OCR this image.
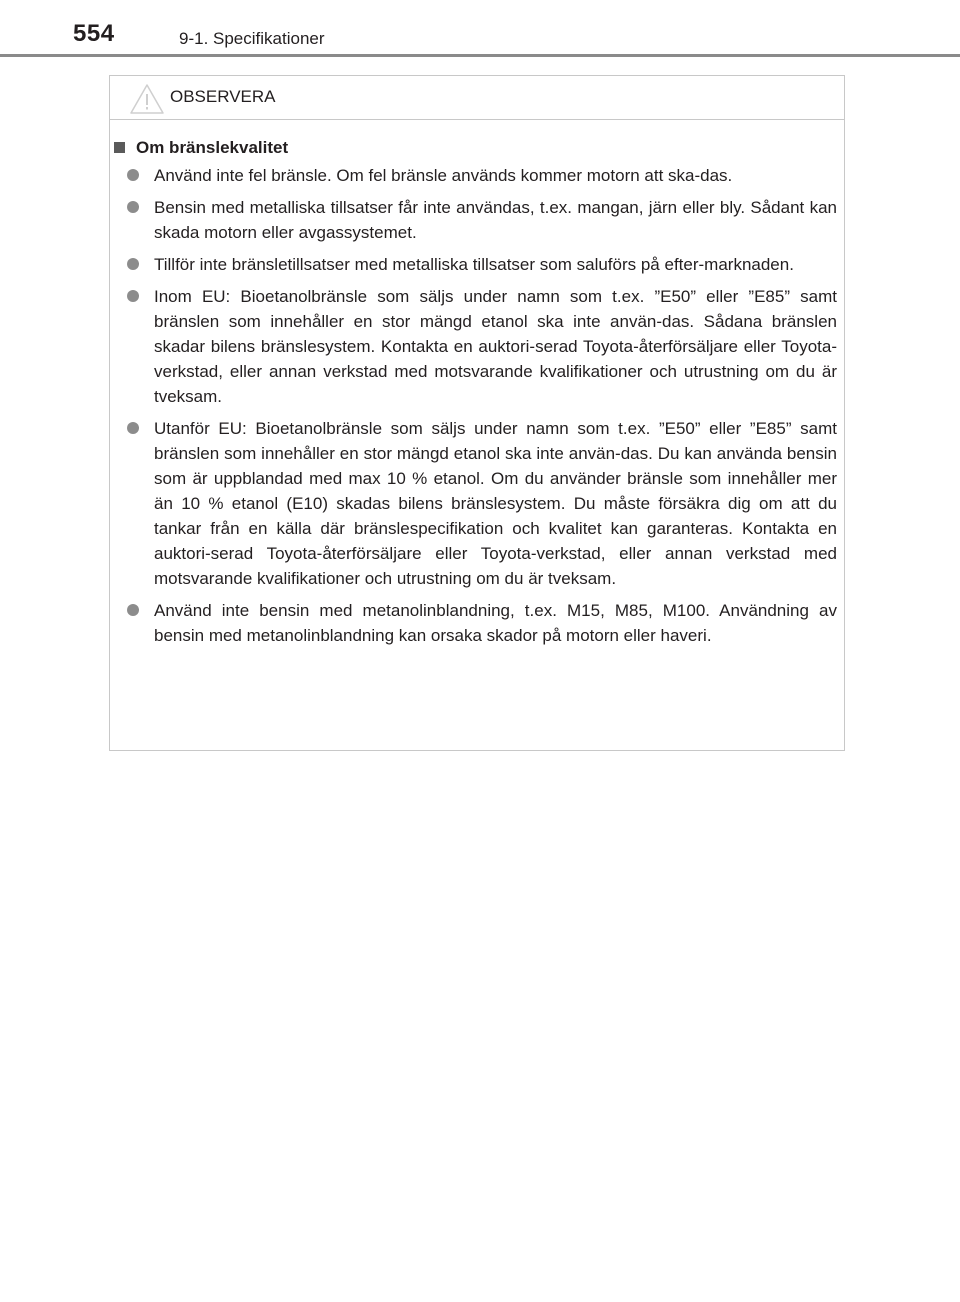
554	9-1. Specifikationer
OBSERVERA
Om bränslekvalitet
Använd inte fel bränsle. Om fel bränsle används kommer motorn att ska-das.
Bensin med metalliska tillsatser får inte användas, t.ex. mangan, järn eller bly. Sådant kan skada motorn eller avgassystemet.
Tillför inte bränsletillsatser med metalliska tillsatser som saluförs på efter-marknaden.
Inom EU: Bioetanolbränsle som säljs under namn som t.ex. ”E50” eller ”E85” samt bränslen som innehåller en stor mängd etanol ska inte använ-das. Sådana bränslen skadar bilens bränslesystem. Kontakta en auktori-serad Toyota-återförsäljare eller Toyota-verkstad, eller annan verkstad med motsvarande kvalifikationer och utrustning om du är tveksam.
Utanför EU: Bioetanolbränsle som säljs under namn som t.ex. ”E50” eller ”E85” samt bränslen som innehåller en stor mängd etanol ska inte använ-das. Du kan använda bensin som är uppblandad med max 10 % etanol. Om du använder bränsle som innehåller mer än 10 % etanol (E10) skadas bilens bränslesystem. Du måste försäkra dig om att du tankar från en källa där bränslespecifikation och kvalitet kan garanteras. Kontakta en auktori-serad Toyota-återförsäljare eller Toyota-verkstad, eller annan verkstad med motsvarande kvalifikationer och utrustning om du är tveksam.
Använd inte bensin med metanolinblandning, t.ex. M15, M85, M100. Användning av bensin med metanolinblandning kan orsaka skador på motorn eller haveri.
